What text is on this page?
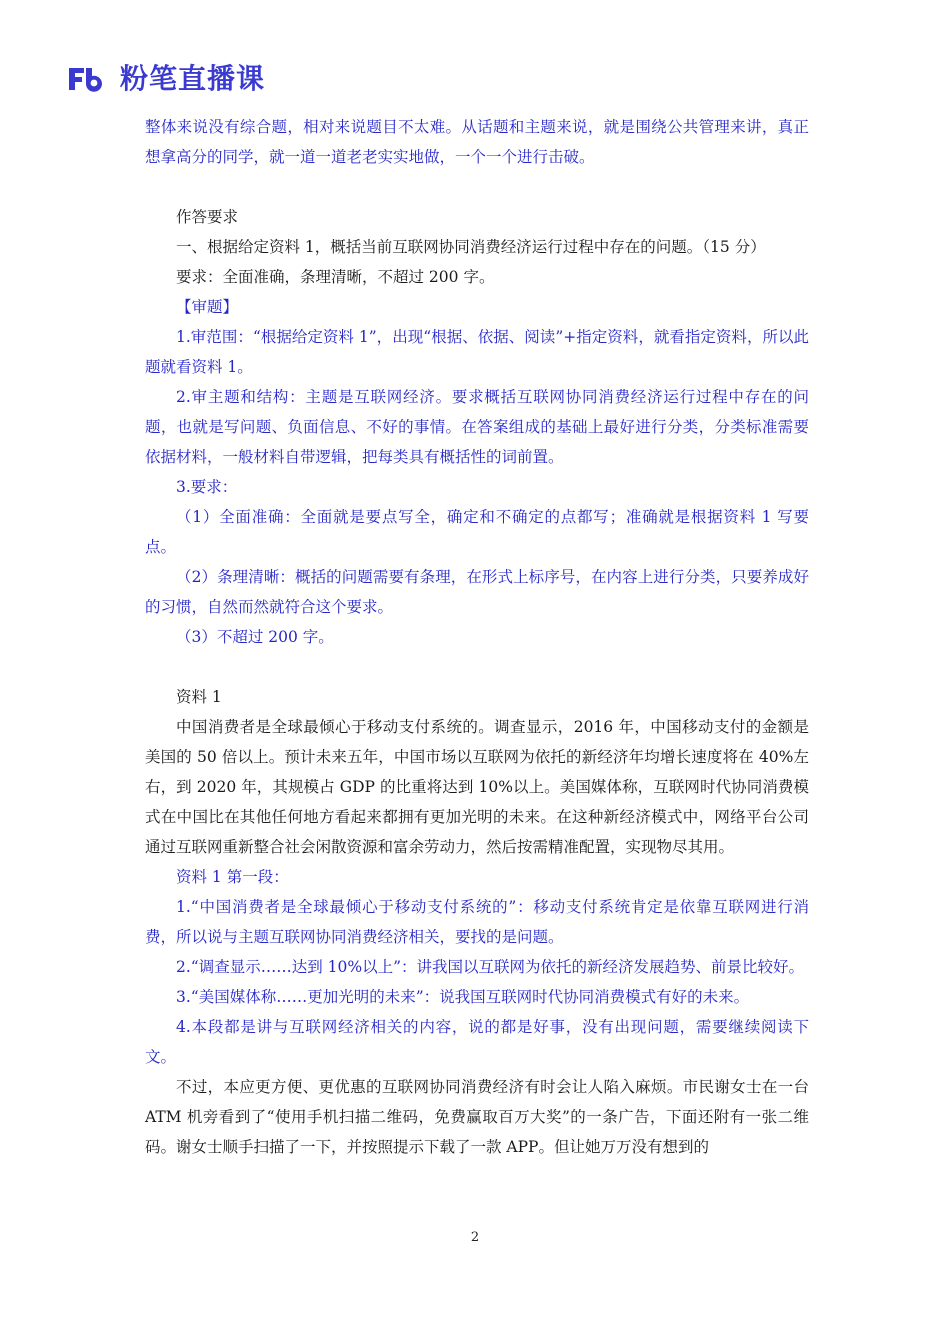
粉笔直播课

整体来说没有综合题，相对来说题目不太难。从话题和主题来说，就是围绕公共管理来讲，真正想拿高分的同学，就一道一道老老实实地做，一个一个进行击破。

作答要求

一、根据给定资料 1，概括当前互联网协同消费经济运行过程中存在的问题。（15 分）

要求：全面准确，条理清晰，不超过 200 字。

【审题】

1.审范围：“根据给定资料 1”，出现“根据、依据、阅读”+指定资料，就看指定资料，所以此题就看资料 1。

2.审主题和结构：主题是互联网经济。要求概括互联网协同消费经济运行过程中存在的问题，也就是写问题、负面信息、不好的事情。在答案组成的基础上最好进行分类，分类标准需要依据材料，一般材料自带逻辑，把每类具有概括性的词前置。

3.要求：

（1）全面准确：全面就是要点写全，确定和不确定的点都写；准确就是根据资料 1 写要点。

（2）条理清晰：概括的问题需要有条理，在形式上标序号，在内容上进行分类，只要养成好的习惯，自然而然就符合这个要求。

（3）不超过 200 字。

资料 1

中国消费者是全球最倾心于移动支付系统的。调查显示，2016 年，中国移动支付的金额是美国的 50 倍以上。预计未来五年，中国市场以互联网为依托的新经济年均增长速度将在 40%左右，到 2020 年，其规模占 GDP 的比重将达到 10%以上。美国媒体称，互联网时代协同消费模式在中国比在其他任何地方看起来都拥有更加光明的未来。在这种新经济模式中，网络平台公司通过互联网重新整合社会闲散资源和富余劳动力，然后按需精准配置，实现物尽其用。

资料 1 第一段：

1.“中国消费者是全球最倾心于移动支付系统的”：移动支付系统肯定是依靠互联网进行消费，所以说与主题互联网协同消费经济相关，要找的是问题。

2.“调查显示……达到 10%以上”：讲我国以互联网为依托的新经济发展趋势、前景比较好。

3.“美国媒体称……更加光明的未来”：说我国互联网时代协同消费模式有好的未来。

4.本段都是讲与互联网经济相关的内容，说的都是好事，没有出现问题，需要继续阅读下文。

不过，本应更方便、更优惠的互联网协同消费经济有时会让人陷入麻烦。市民谢女士在一台 ATM 机旁看到了“使用手机扫描二维码，免费赢取百万大奖”的一条广告，下面还附有一张二维码。谢女士顺手扫描了一下，并按照提示下载了一款 APP。但让她万万没有想到的

2
